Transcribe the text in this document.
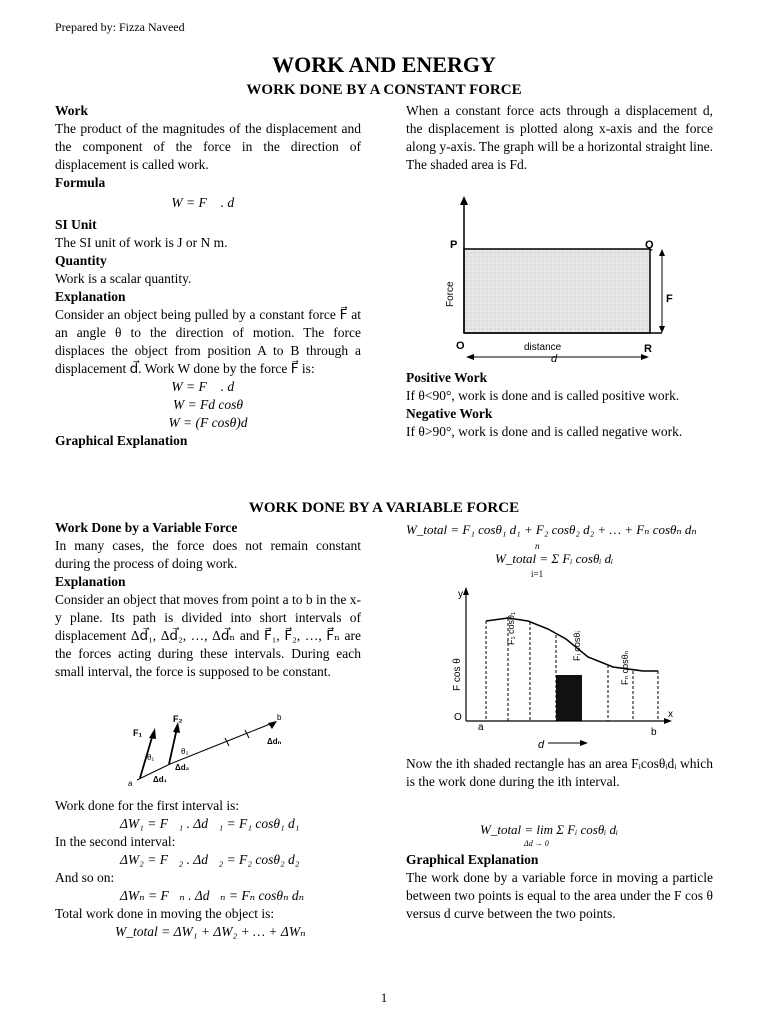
Prepared by: Fizza Naveed
WORK AND ENERGY
WORK DONE BY A CONSTANT FORCE

Work

The product of the magnitudes of the displacement and the component of the force in the direction of displacement is called work.

Formula

W = F⃗ . d⃗

SI Unit

The SI unit of work is J or N m.

Quantity

Work is a scalar quantity.

Explanation

Consider an object being pulled by a constant force F⃗ at an angle θ to the direction of motion. The force displaces the object from position A to B through a displacement d⃗. Work W done by the force F⃗ is:

W = F⃗ . d⃗

W = Fd cosθ

W = (F cosθ)d

Graphical Explanation

When a constant force acts through a displacement d, the displacement is plotted along x-axis and the force along y-axis. The graph will be a horizontal straight line. The shaded area is Fd.

P	Q
O	R
F
Force
distance
d

Positive Work

If θ<90°, work is done and is called positive work.

Negative Work

If θ>90°, work is done and is called negative work.

WORK DONE BY A VARIABLE FORCE

Work Done by a Variable Force

In many cases, the force does not remain constant during the process of doing work.

Explanation

Consider an object that moves from point a to b in the x-y plane. Its path is divided into short intervals of displacement Δd⃗₁, Δd⃗₂, …, Δd⃗ₙ and F⃗₁, F⃗₂, …, F⃗ₙ are the forces acting during these intervals. During each small interval, the force is supposed to be constant.

F₁
F₂
θ₁
θ₂
Δd₁
Δd₂
Δdₙ
a
b

Work done for the first interval is:

ΔW₁ = F⃗₁ . Δd⃗₁ = F₁ cosθ₁ d₁

In the second interval:

ΔW₂ = F⃗₂ . Δd⃗₂ = F₂ cosθ₂ d₂

And so on:

ΔWₙ = F⃗ₙ . Δd⃗ₙ = Fₙ cosθₙ dₙ

Total work done in moving the object is:

W_total = ΔW₁ + ΔW₂ + … + ΔWₙ

W_total = F₁ cosθ₁ d₁ + F₂ cosθ₂ d₂ + … + Fₙ cosθₙ dₙ

n
W_total = Σ Fᵢ cosθᵢ dᵢ
i=1
y
x
F cos θ
F₁ cosθ₁
Fᵢ cosθᵢ
Fₙ cosθₙ
O
a	b
d

Now the ith shaded rectangle has an area Fᵢcosθᵢdᵢ which is the work done during the ith interval.

W_total = lim Σ Fᵢ cosθᵢ dᵢ
Δd → 0

Graphical Explanation

The work done by a variable force in moving a particle between two points is equal to the area under the F cos θ versus d curve between the two points.

1
